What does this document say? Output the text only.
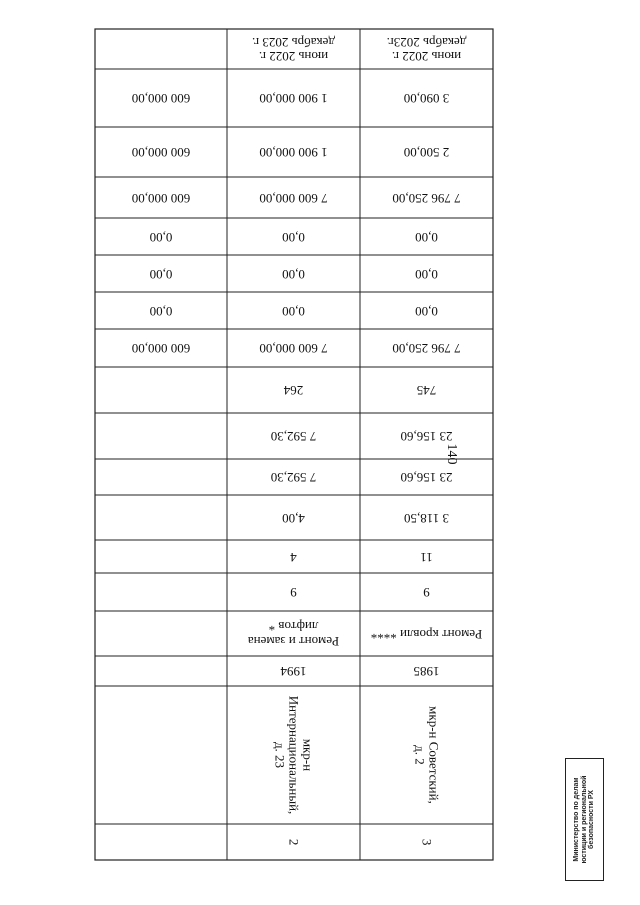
140
июнь 2022 г.
декабрь 2023 г.
июнь 2022 г.
декабрь 2023г.
600 000,00
600 000,00
600 000,00
0,00
0,00
0,00
600 000,00
1 900 000,00
1 900 000,00
7 600 000,00
0,00
0,00
0,00
7 600 000,00
264
7 592,30
7 592,30
4,00
4
9
Ремонт и замена
лифтов *
1994
мкр-н
Интернациональный,
д. 23
2
3 090,00
2 500,00
7 796 250,00
0,00
0,00
0,00
7 796 250,00
745
23 156,60
23 156,60
3 118,50
11
9
Ремонт кровли ****
1985
мкр-н Советский,
д. 2
3	Министерство по делам
юстиции и региональной
безопасности РХ
